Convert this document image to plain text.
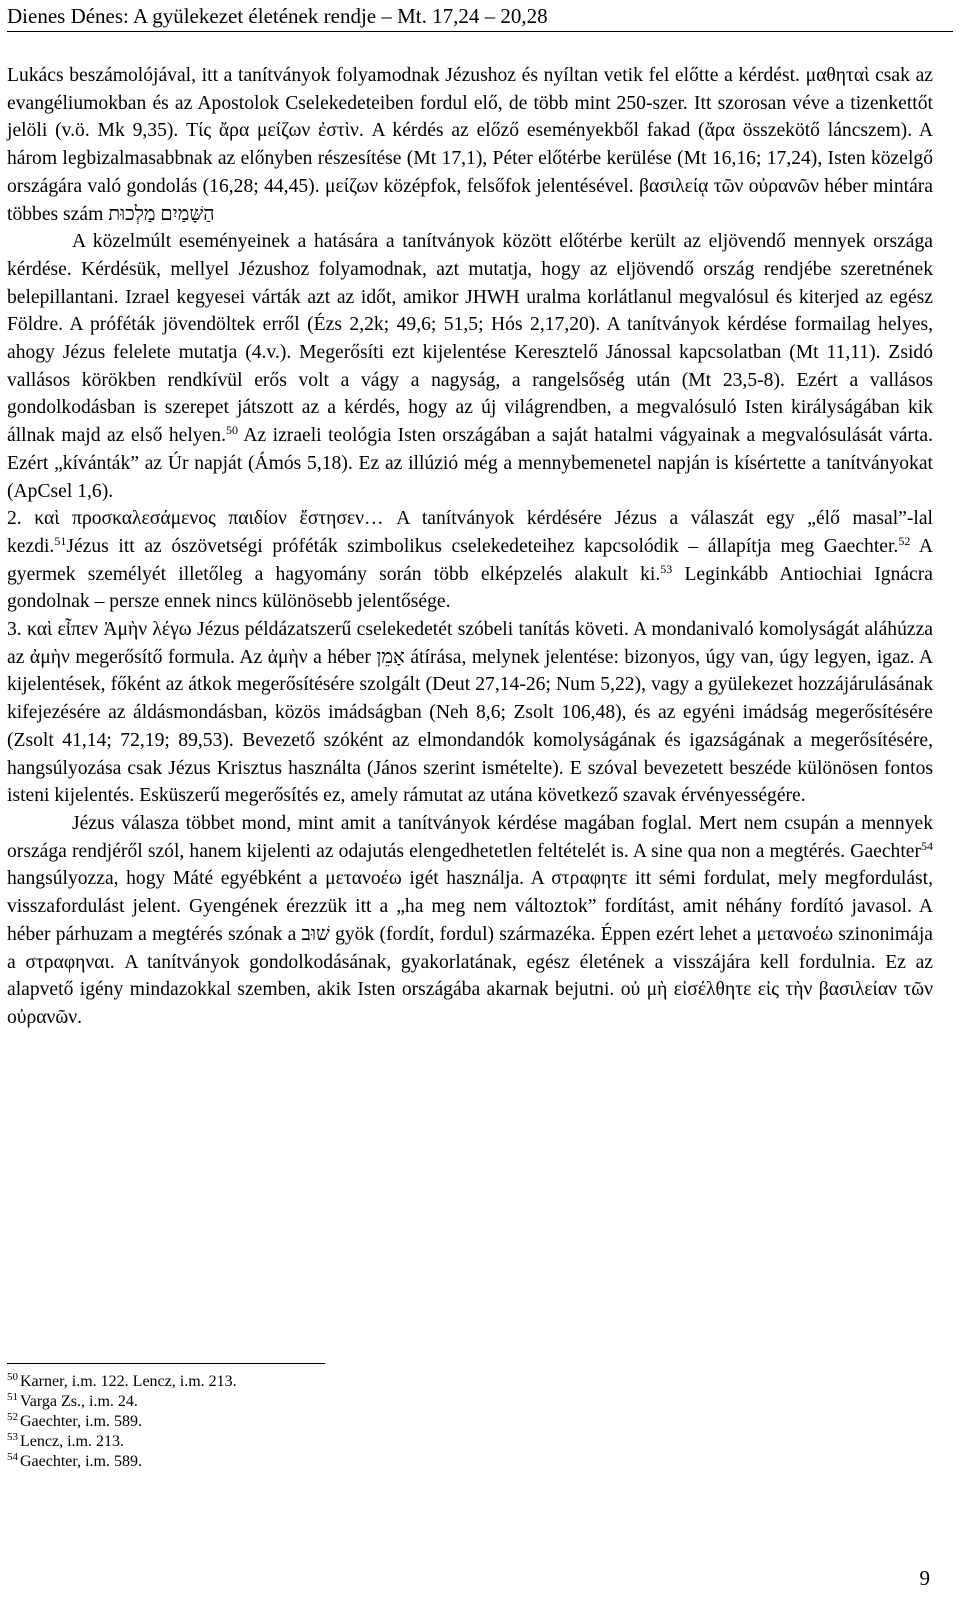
Dienes Dénes: A gyülekezet életének rendje – Mt. 17,24 – 20,28

Lukács beszámolójával, itt a tanítványok folyamodnak Jézushoz és nyíltan vetik fel előtte a kérdést. μαθηταὶ csak az evangéliumokban és az Apostolok Cselekedeteiben fordul elő, de több mint 250-szer. Itt szorosan véve a tizenkettőt jelöli (v.ö. Mk 9,35). Τίς ἄρα μείζων ἐστὶν. A kérdés az előző eseményekből fakad (ἄρα összekötő láncszem). A három legbizalmasabbnak az előnyben részesítése (Mt 17,1), Péter előtérbe kerülése (Mt 16,16; 17,24), Isten közelgő országára való gondolás (16,28; 44,45). μείζων középfok, felsőfok jelentésével. βασιλείᾳ τῶν οὐρανῶν héber mintára többes szám הַשָּׁמַיִם מַלְכוּת

A közelmúlt eseményeinek a hatására a tanítványok között előtérbe került az eljövendő mennyek országa kérdése. Kérdésük, mellyel Jézushoz folyamodnak, azt mutatja, hogy az eljövendő ország rendjébe szeretnének belepillantani. Izrael kegyesei várták azt az időt, amikor JHWH uralma korlátlanul megvalósul és kiterjed az egész Földre. A próféták jövendöltek erről (Ézs 2,2k; 49,6; 51,5; Hós 2,17,20). A tanítványok kérdése formailag helyes, ahogy Jézus felelete mutatja (4.v.). Megerősíti ezt kijelentése Keresztelő Jánossal kapcsolatban (Mt 11,11). Zsidó vallásos körökben rendkívül erős volt a vágy a nagyság, a rangelsőség után (Mt 23,5-8). Ezért a vallásos gondolkodásban is szerepet játszott az a kérdés, hogy az új világrendben, a megvalósuló Isten királyságában kik állnak majd az első helyen.$^{50}$ Az izraeli teológia Isten országában a saját hatalmi vágyainak a megvalósulását várta. Ezért „kívánták” az Úr napját (Ámós 5,18). Ez az illúzió még a mennybemenetel napján is kísértette a tanítványokat (ApCsel 1,6).

2. καὶ προσκαλεσάμενος παιδίον ἔστησεν… A tanítványok kérdésére Jézus a válaszát egy „élő masal”-lal kezdi.$^{51}$Jézus itt az ószövetségi próféták szimbolikus cselekedeteihez kapcsolódik – állapítja meg Gaechter.$^{52}$ A gyermek személyét illetőleg a hagyomány során több elképzelés alakult ki.$^{53}$ Leginkább Antiochiai Ignácra gondolnak – persze ennek nincs különösebb jelentősége.

3. καὶ εἶπεν Ἀμὴν λέγω Jézus példázatszerű cselekedetét szóbeli tanítás követi. A mondanivaló komolyságát aláhúzza az ἀμὴν megerősítő formula. Az ἀμὴν a héber אָמֵן átírása, melynek jelentése: bizonyos, úgy van, úgy legyen, igaz. A kijelentések, főként az átkok megerősítésére szolgált (Deut 27,14-26; Num 5,22), vagy a gyülekezet hozzájárulásának kifejezésére az áldásmondásban, közös imádságban (Neh 8,6; Zsolt 106,48), és az egyéni imádság megerősítésére (Zsolt 41,14; 72,19; 89,53). Bevezető szóként az elmondandók komolyságának és igazságának a megerősítésére, hangsúlyozása csak Jézus Krisztus használta (János szerint ismételte). E szóval bevezetett beszéde különösen fontos isteni kijelentés. Esküszerű megerősítés ez, amely rámutat az utána következő szavak érvényességére.

Jézus válasza többet mond, mint amit a tanítványok kérdése magában foglal. Mert nem csupán a mennyek országa rendjéről szól, hanem kijelenti az odajutás elengedhetetlen feltételét is. A sine qua non a megtérés. Gaechter$^{54}$ hangsúlyozza, hogy Máté egyébként a μετανοέω igét használja. A στραφητε itt sémi fordulat, mely megfordulást, visszafordulást jelent. Gyengének érezzük itt a „ha meg nem változtok” fordítást, amit néhány fordító javasol. A héber párhuzam a megtérés szónak a שׁוּב gyök (fordít, fordul) származéka. Éppen ezért lehet a μετανοέω szinonimája a στραφηναι. A tanítványok gondolkodásának, gyakorlatának, egész életének a visszájára kell fordulnia. Ez az alapvető igény mindazokkal szemben, akik Isten országába akarnak bejutni. οὐ μὴ εἰσέλθητε εἰς τὴν βασιλείαν τῶν οὐρανῶν.

$^{50}$ Karner, i.m. 122. Lencz, i.m. 213.

$^{51}$ Varga Zs., i.m. 24.

$^{52}$ Gaechter, i.m. 589.

$^{53}$ Lencz, i.m. 213.

$^{54}$ Gaechter, i.m. 589.

9
